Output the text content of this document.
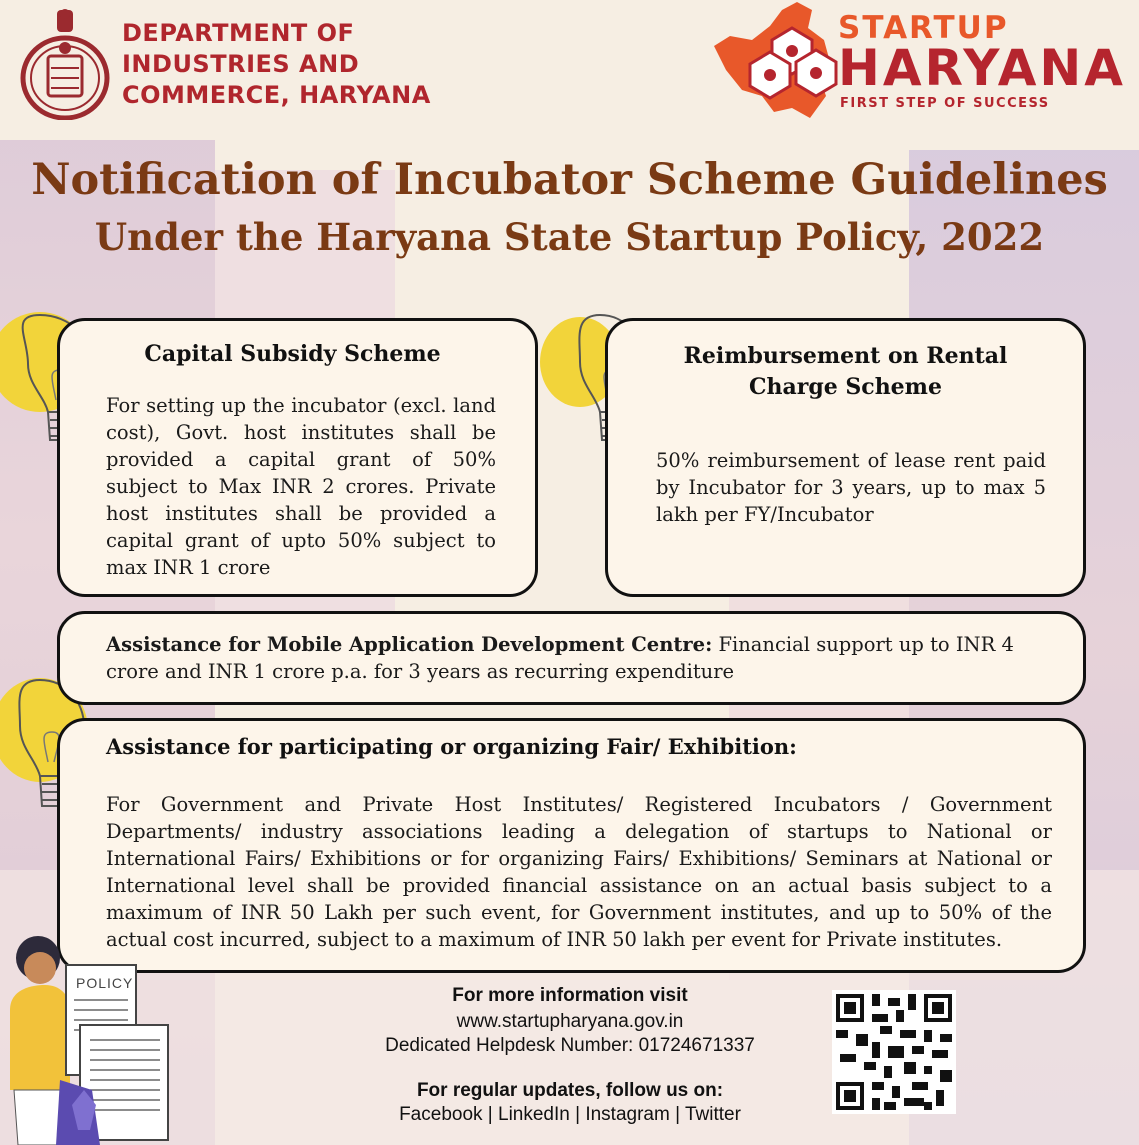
DEPARTMENT OF
INDUSTRIES AND
COMMERCE, HARYANA
STARTUP
HARYANA
FIRST STEP OF SUCCESS
Notification of Incubator Scheme Guidelines
Under the Haryana State Startup Policy, 2022
Capital Subsidy Scheme
For setting up the incubator (excl. land cost), Govt. host institutes shall be provided a capital grant of 50% subject to Max INR 2 crores. Private host institutes shall be provided a capital grant of upto 50% subject to max INR 1 crore
Reimbursement on Rental
Charge Scheme
50% reimbursement of lease rent paid by Incubator for 3 years, up to max 5 lakh per FY/Incubator
Assistance for Mobile Application Development Centre: Financial support up to INR 4 crore and INR 1 crore p.a. for 3 years as recurring expenditure
Assistance for participating or organizing Fair/ Exhibition:
For Government and Private Host Institutes/ Registered Incubators / Government Departments/ industry associations leading a delegation of startups to National or International Fairs/ Exhibitions or for organizing Fairs/ Exhibitions/ Seminars at National or International level shall be provided financial assistance on an actual basis subject to a maximum of INR 50 Lakh per such event, for Government institutes, and up to 50% of the actual cost incurred, subject to a maximum of INR 50 lakh per event for Private institutes.
POLICY
For more information visit
www.startupharyana.gov.in
Dedicated Helpdesk Number: 01724671337
For regular updates, follow us on:
Facebook | LinkedIn | Instagram | Twitter
